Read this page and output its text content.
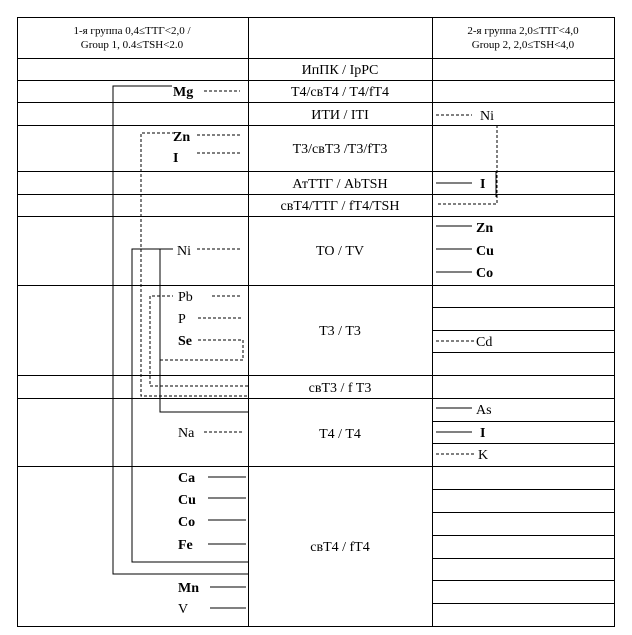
1-я группа 0,4≤ТТГ<2,0 /
Group 1, 0.4≤TSH<2.0
2-я группа 2,0≤ТТГ<4,0
Group 2, 2,0≤TSH<4,0
ИпПК / IpPC
T4/свT4 / T4/fT4
ИТИ / ITI
T3/свT3 /T3/fT3
АтТТГ / AbTSH
свT4/ТТГ / fT4/TSH
ТО / TV
T3 / T3
свT3 / f T3
T4 / T4
свT4 / fT4
Mg
Zn
I
Ni
Pb
P
Se
Na
Ca
Cu
Co
Fe
Mn
V
Ni
I
Zn
Cu
Co
Cd
As
I
K
